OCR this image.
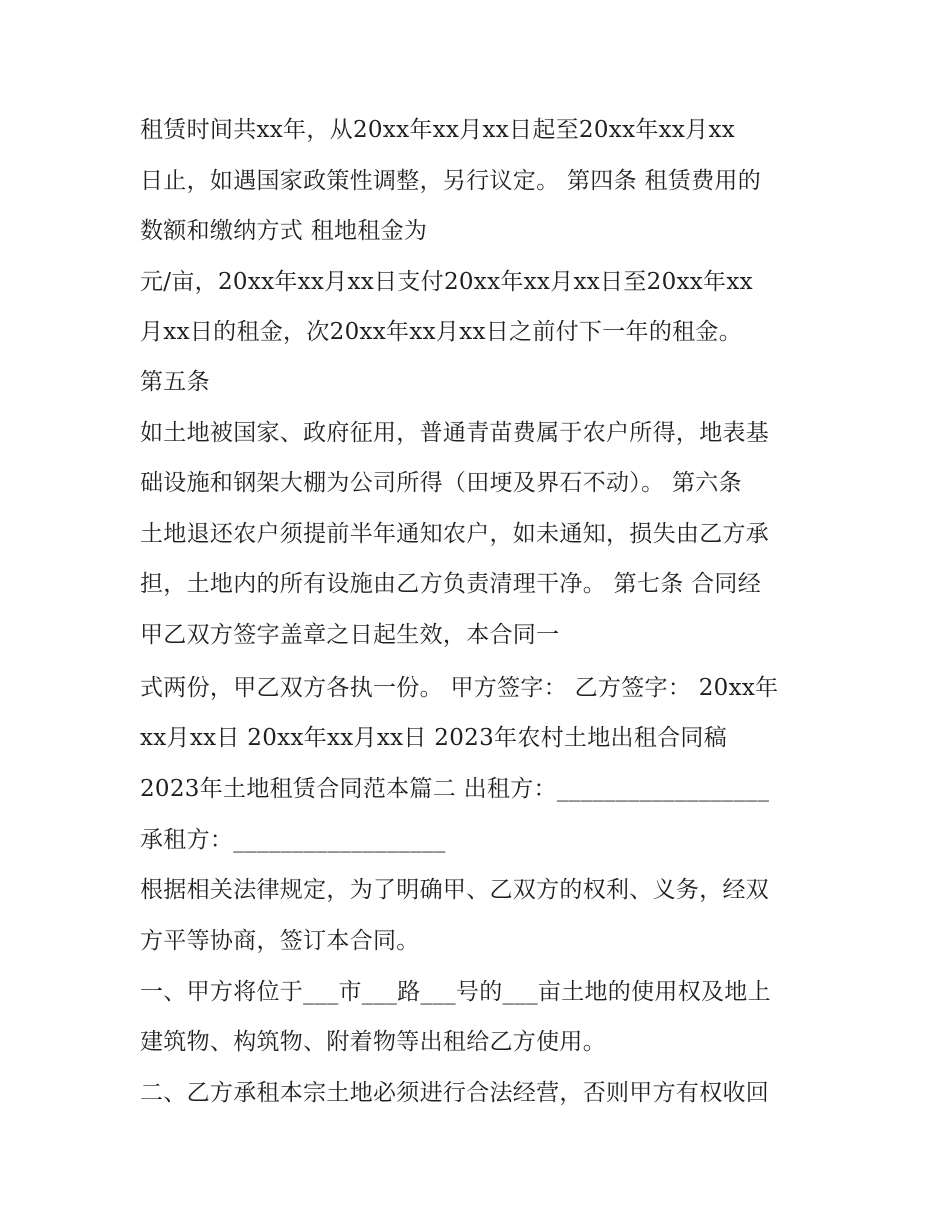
租赁时间共xx年，从20xx年xx月xx日起至20xx年xx月xx
日止，如遇国家政策性调整，另行议定。 第四条 租赁费用的
数额和缴纳方式 租地租金为
元/亩，20xx年xx月xx日支付20xx年xx月xx日至20xx年xx
月xx日的租金，次20xx年xx月xx日之前付下一年的租金。
第五条
如土地被国家、政府征用，普通青苗费属于农户所得，地表基
础设施和钢架大棚为公司所得（田埂及界石不动）。 第六条
土地退还农户须提前半年通知农户，如未通知，损失由乙方承
担，土地内的所有设施由乙方负责清理干净。 第七条 合同经
甲乙双方签字盖章之日起生效，本合同一
式两份，甲乙双方各执一份。 甲方签字： 乙方签字： 20xx年
xx月xx日 20xx年xx月xx日 2023年农村土地出租合同稿
2023年土地租赁合同范本篇二 出租方：__________________
承租方：__________________
根据相关法律规定，为了明确甲、乙双方的权利、义务，经双
方平等协商，签订本合同。
一、甲方将位于___市___路___号的___亩土地的使用权及地上
建筑物、构筑物、附着物等出租给乙方使用。
二、乙方承租本宗土地必须进行合法经营，否则甲方有权收回
